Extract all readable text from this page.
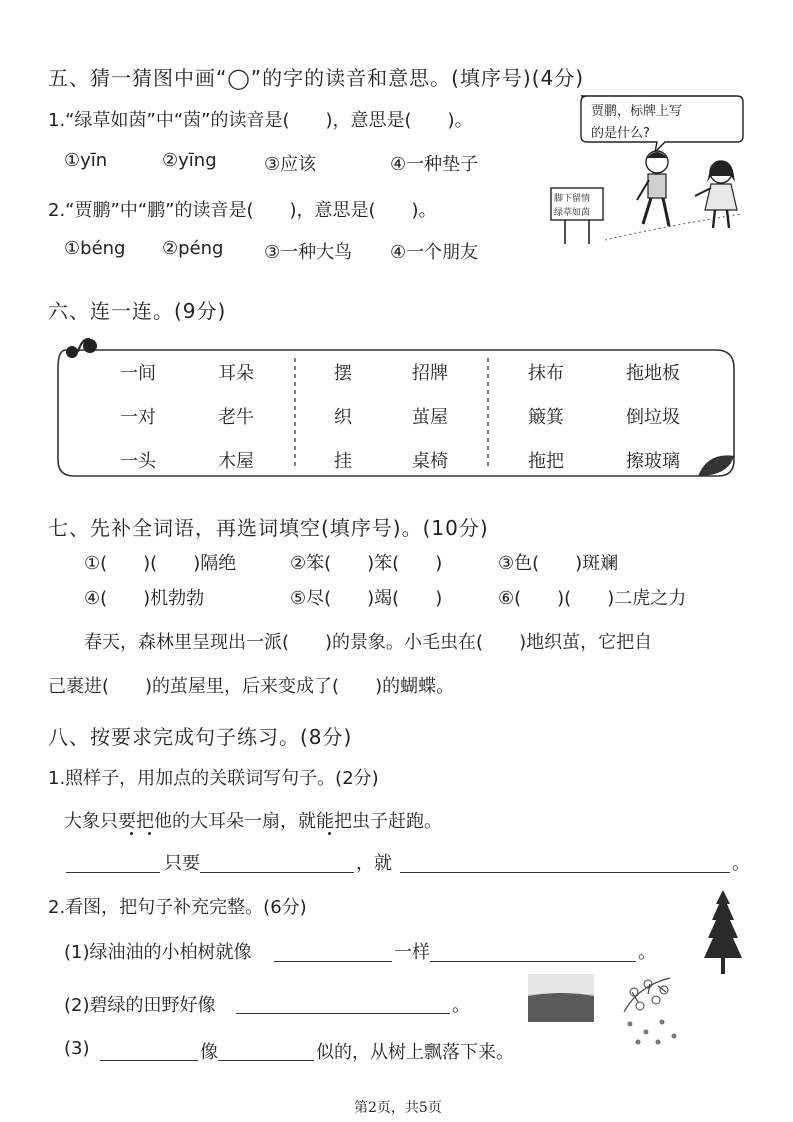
五、猜一猜图中画“◯”的字的读音和意思。(填序号)(4分)
1.“绿草如茵”中“茵”的读音是(　　)，意思是(　　)。
①yīn	②yīng	③应该	④一种垫子
2.“贾鹏”中“鹏”的读音是(　　)，意思是(　　)。
①béng ②péng ③一种大鸟 ④一个朋友
贾鹏，标牌上写
的是什么?
脚下留情
绿草如茵
六、连一连。(9分)
一间	耳朵	摆	招牌	抹布	拖地板
一对	老牛	织	茧屋	簸箕	倒垃圾
一头	木屋	挂	桌椅	拖把	擦玻璃
七、先补全词语，再选词填空(填序号)。(10分)
①(　　)(　　)隔绝	②笨(　　)笨(　　)	③色(　　)斑斓
④(　　)机勃勃	⑤尽(　　)竭(　　)	⑥(　　)(　　)二虎之力
春天，森林里呈现出一派(　　)的景象。小毛虫在(　　)地织茧，它把自
己裹进(　　)的茧屋里，后来变成了(　　)的蝴蝶。
八、按要求完成句子练习。(8分)
1.照样子，用加点的关联词写句子。(2分)
大象只要把他的大耳朵一扇，就能把虫子赶跑。
只要	，就	。
2.看图，把句子补充完整。(6分)
(1)绿油油的小柏树就像	一样	。
(2)碧绿的田野好像	。
(3)	像	似的，从树上飘落下来。
第2页，共5页
